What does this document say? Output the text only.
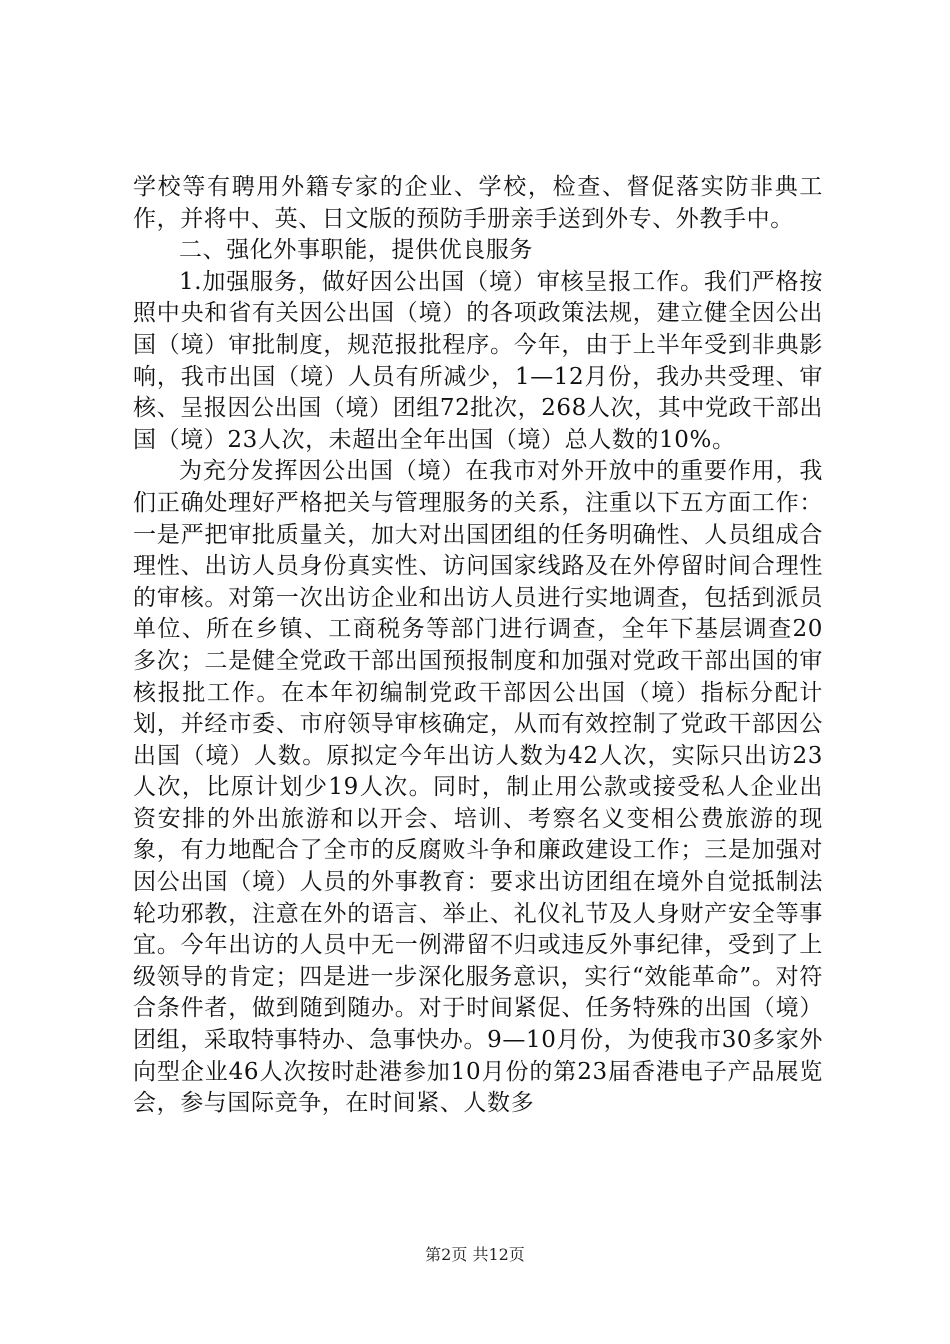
学校等有聘用外籍专家的企业、学校，检查、督促落实防非典工作，并将中、英、日文版的预防手册亲手送到外专、外教手中。

二、强化外事职能，提供优良服务

1.加强服务，做好因公出国（境）审核呈报工作。我们严格按照中央和省有关因公出国（境）的各项政策法规，建立健全因公出国（境）审批制度，规范报批程序。今年，由于上半年受到非典影响，我市出国（境）人员有所减少，1—12月份，我办共受理、审核、呈报因公出国（境）团组72批次，268人次，其中党政干部出国（境）23人次，未超出全年出国（境）总人数的10%。

为充分发挥因公出国（境）在我市对外开放中的重要作用，我们正确处理好严格把关与管理服务的关系，注重以下五方面工作：一是严把审批质量关，加大对出国团组的任务明确性、人员组成合理性、出访人员身份真实性、访问国家线路及在外停留时间合理性的审核。对第一次出访企业和出访人员进行实地调查，包括到派员单位、所在乡镇、工商税务等部门进行调查，全年下基层调查20多次；二是健全党政干部出国预报制度和加强对党政干部出国的审核报批工作。在本年初编制党政干部因公出国（境）指标分配计划，并经市委、市府领导审核确定，从而有效控制了党政干部因公出国（境）人数。原拟定今年出访人数为42人次，实际只出访23人次，比原计划少19人次。同时，制止用公款或接受私人企业出资安排的外出旅游和以开会、培训、考察名义变相公费旅游的现象，有力地配合了全市的反腐败斗争和廉政建设工作；三是加强对因公出国（境）人员的外事教育：要求出访团组在境外自觉抵制法轮功邪教，注意在外的语言、举止、礼仪礼节及人身财产安全等事宜。今年出访的人员中无一例滞留不归或违反外事纪律，受到了上级领导的肯定；四是进一步深化服务意识，实行“效能革命”。对符合条件者，做到随到随办。对于时间紧促、任务特殊的出国（境）团组，采取特事特办、急事快办。9—10月份，为使我市30多家外向型企业46人次按时赴港参加10月份的第23届香港电子产品展览会，参与国际竞争，在时间紧、人数多

第2页 共12页
